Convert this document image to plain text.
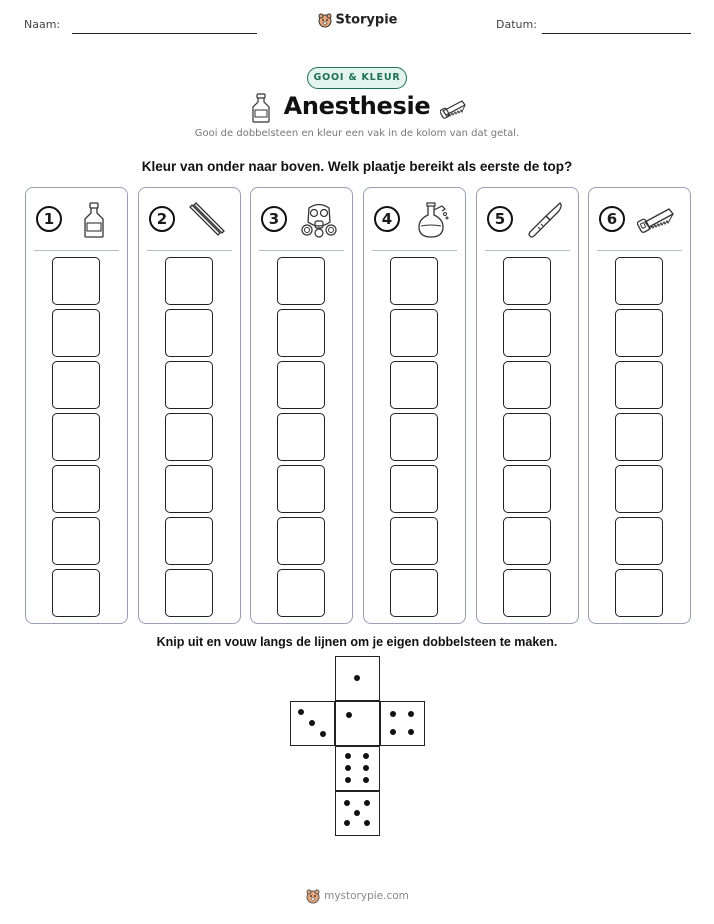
Naam:	Storypie	Datum:
GOOI & KLEUR
Anesthesie
Gooi de dobbelsteen en kleur een vak in de kolom van dat getal.
Kleur van onder naar boven. Welk plaatje bereikt als eerste de top?
1	2	3	4	5	6
Knip uit en vouw langs de lijnen om je eigen dobbelsteen te maken.
mystorypie.com
